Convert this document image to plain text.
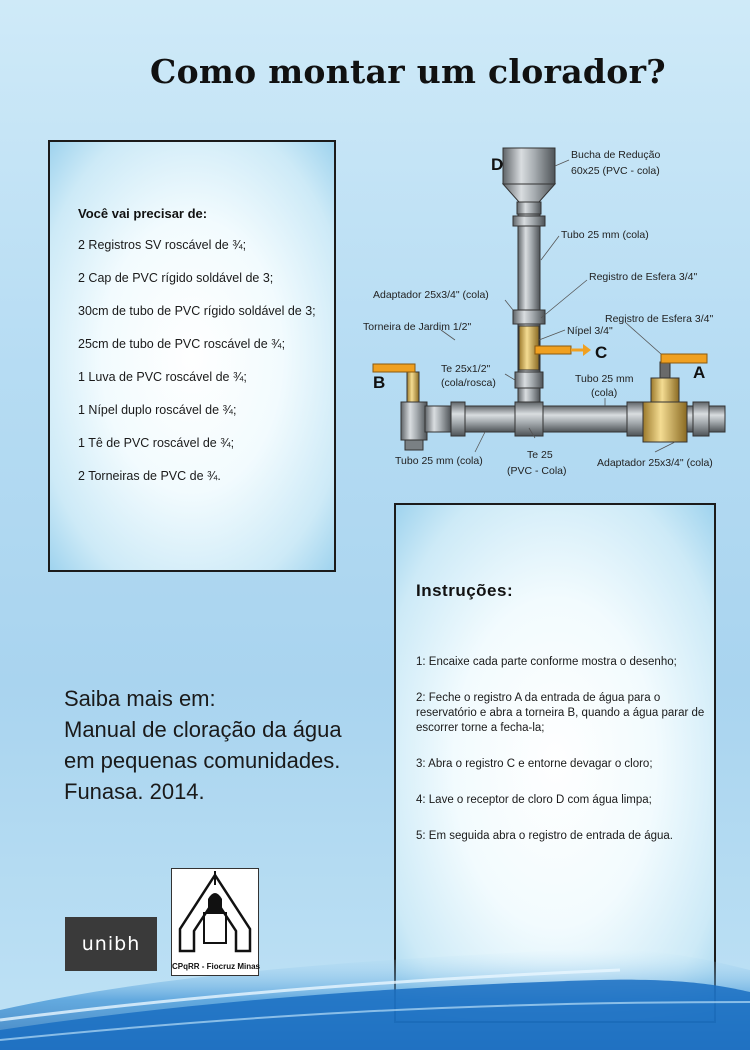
Como montar um clorador?
Você vai precisar de:
2 Registros SV roscável de ¾;
2 Cap de PVC rígido soldável de 3;
30cm de tubo de PVC rígido soldável de 3;
25cm de tubo de PVC roscável de ¾;
1 Luva de PVC roscável de ¾;
1 Nípel duplo roscável de ¾;
1 Tê de PVC roscável de ¾;
2 Torneiras de PVC de ¾.
D	Bucha de Redução
60x25 (PVC - cola)
Tubo 25 mm (cola)
Registro de Esfera 3/4"
Adaptador 25x3/4" (cola)
Registro de Esfera 3/4"
Torneira de Jardim 1/2"	Nípel 3/4"
C
Te 25x1/2"
(cola/rosca)	Tubo 25 mm
(cola)
B
A
Te 25
(PVC - Cola)
Tubo 25 mm (cola)	Adaptador 25x3/4" (cola)
Instruções:
1: Encaixe cada parte conforme mostra o desenho;
2: Feche o registro A da entrada de água para o reservatório e abra a torneira B, quando a água parar de escorrer torne a fecha-la;
3: Abra o registro C e entorne devagar o cloro;
4: Lave o receptor de cloro D com água limpa;
5: Em seguida abra o registro de entrada de água.
Saiba mais em:
Manual de cloração da água
em pequenas comunidades.
Funasa. 2014.
unibh
CPqRR - Fiocruz Minas
